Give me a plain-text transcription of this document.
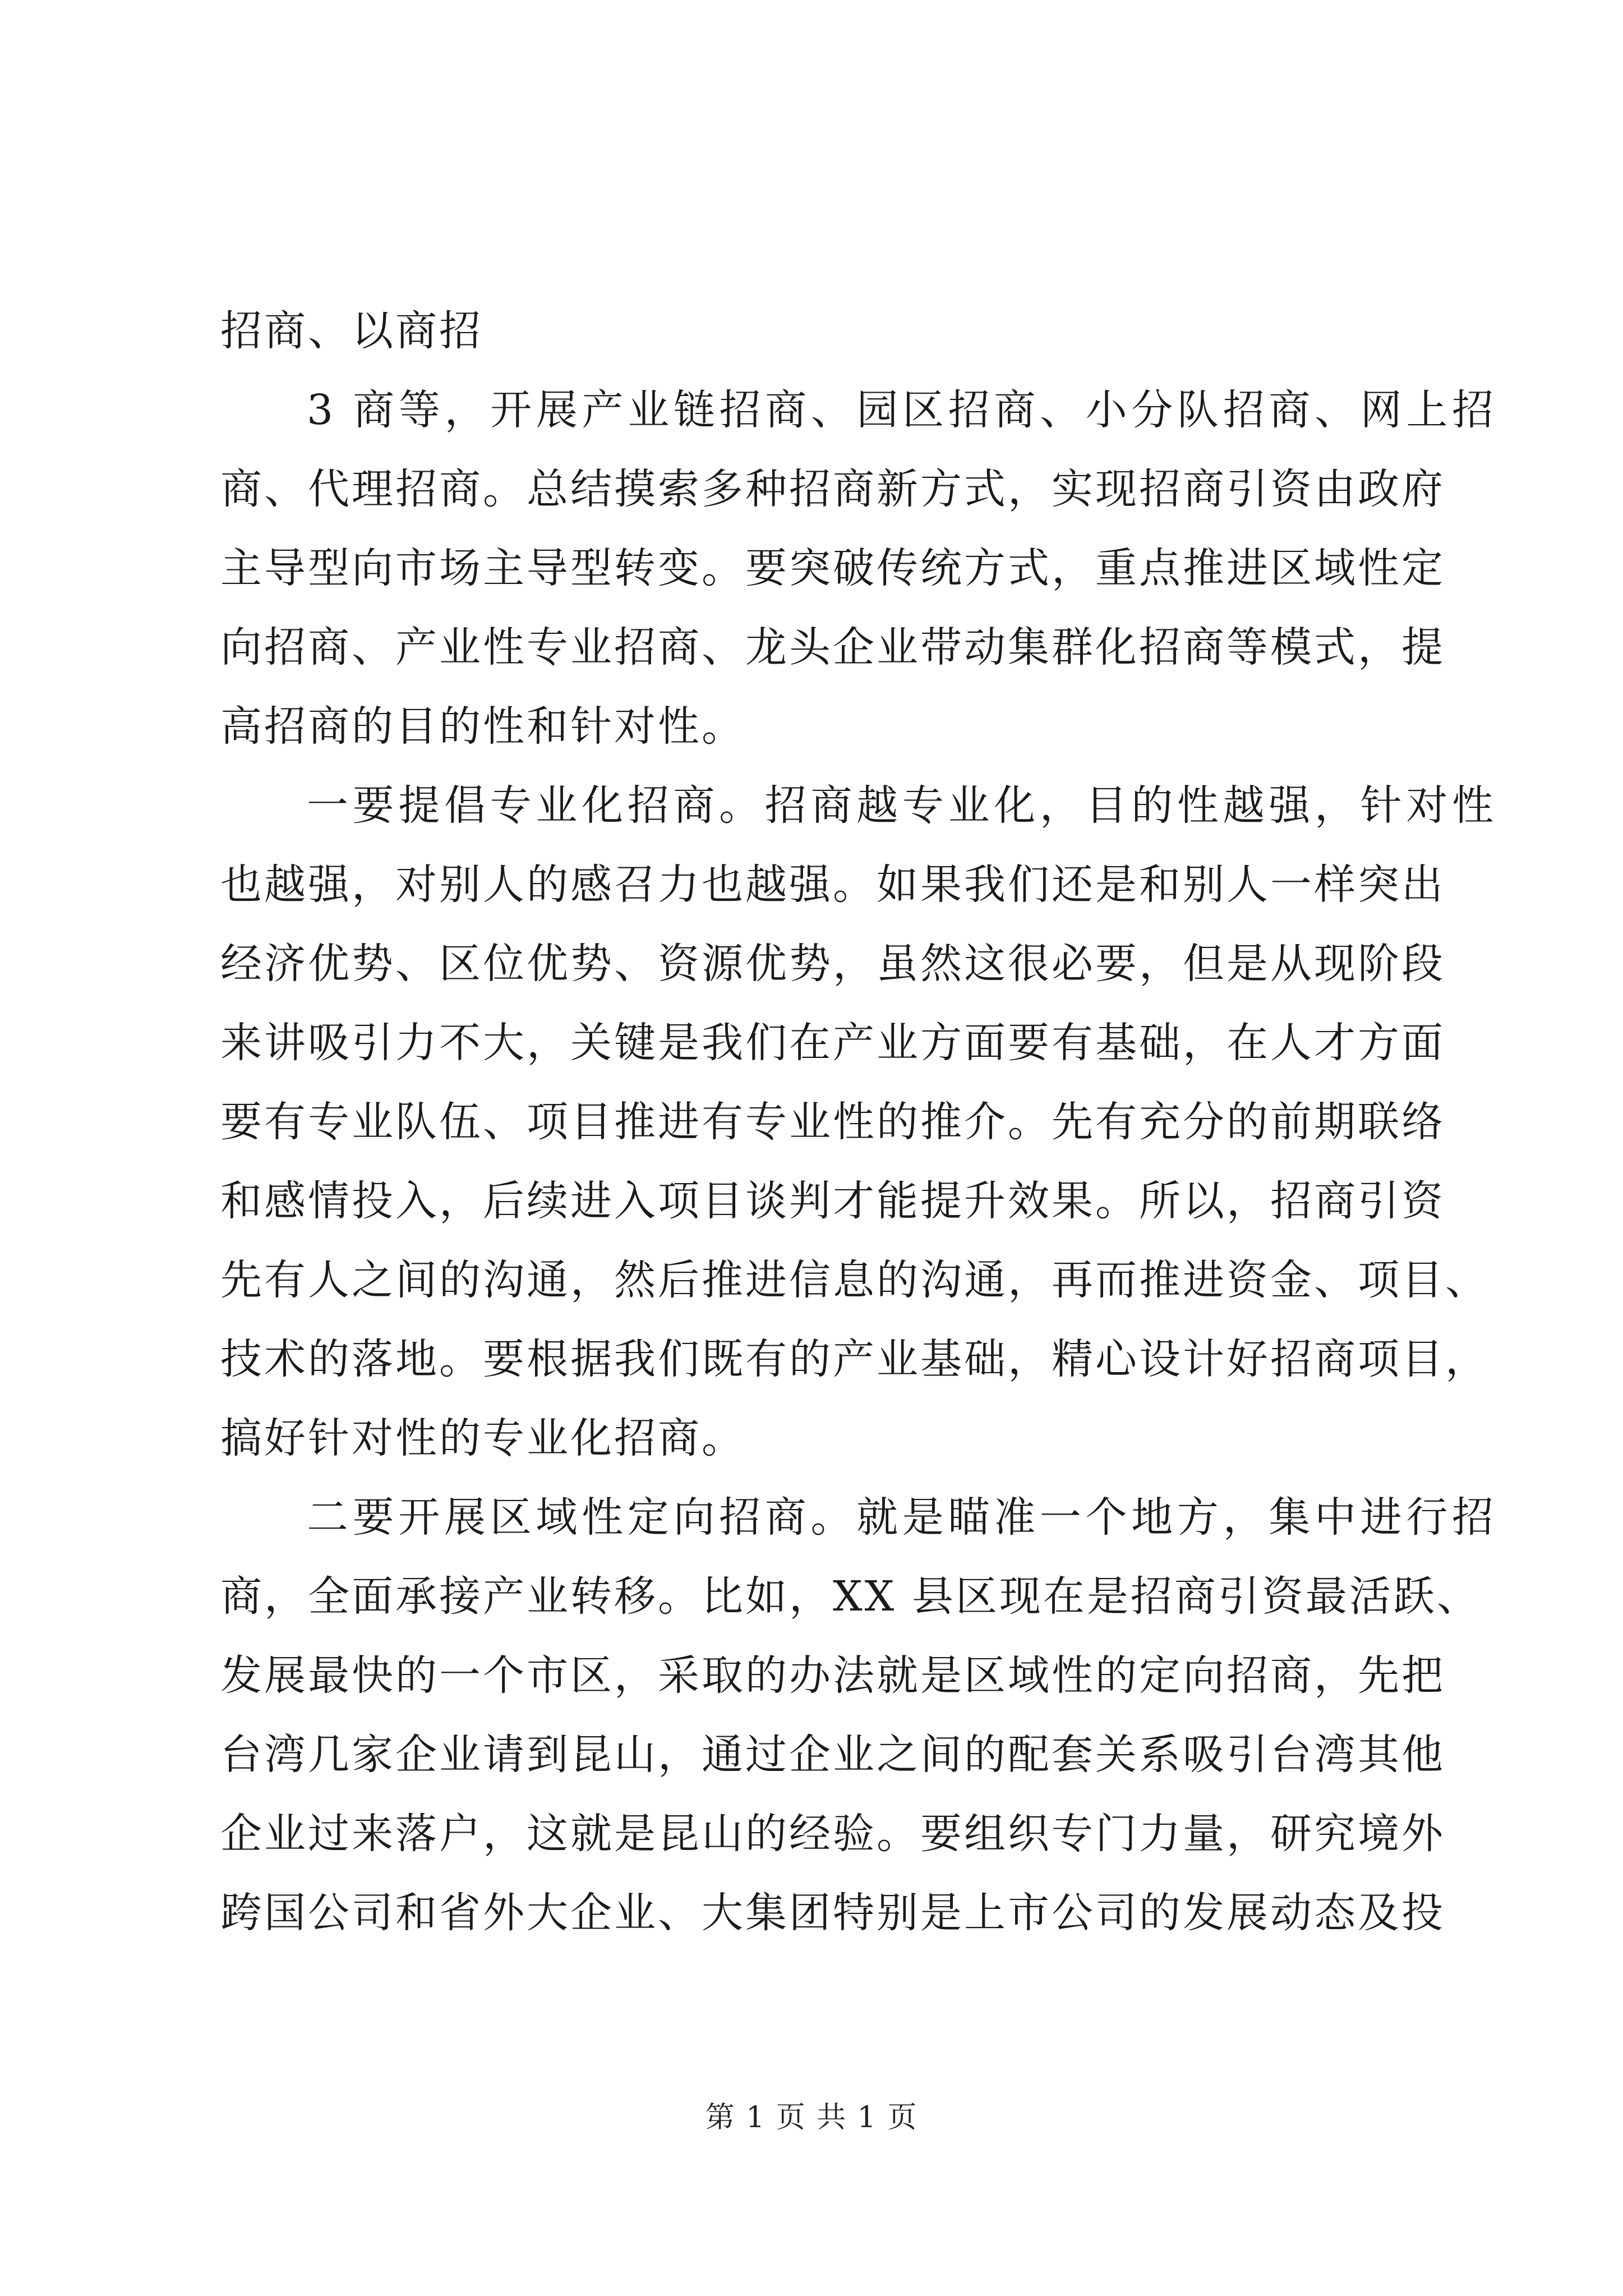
招商、以商招
3 商等，开展产业链招商、园区招商、小分队招商、网上招
商、代理招商。总结摸索多种招商新方式，实现招商引资由政府
主导型向市场主导型转变。要突破传统方式，重点推进区域性定
向招商、产业性专业招商、龙头企业带动集群化招商等模式，提
高招商的目的性和针对性。
一要提倡专业化招商。招商越专业化，目的性越强，针对性
也越强，对别人的感召力也越强。如果我们还是和别人一样突出
经济优势、区位优势、资源优势，虽然这很必要，但是从现阶段
来讲吸引力不大，关键是我们在产业方面要有基础，在人才方面
要有专业队伍、项目推进有专业性的推介。先有充分的前期联络
和感情投入，后续进入项目谈判才能提升效果。所以，招商引资
先有人之间的沟通，然后推进信息的沟通，再而推进资金、项目、
技术的落地。要根据我们既有的产业基础，精心设计好招商项目，
搞好针对性的专业化招商。
二要开展区域性定向招商。就是瞄准一个地方，集中进行招
商，全面承接产业转移。比如，XX 县区现在是招商引资最活跃、
发展最快的一个市区，采取的办法就是区域性的定向招商，先把
台湾几家企业请到昆山，通过企业之间的配套关系吸引台湾其他
企业过来落户，这就是昆山的经验。要组织专门力量，研究境外
跨国公司和省外大企业、大集团特别是上市公司的发展动态及投
第 1 页 共 1 页
